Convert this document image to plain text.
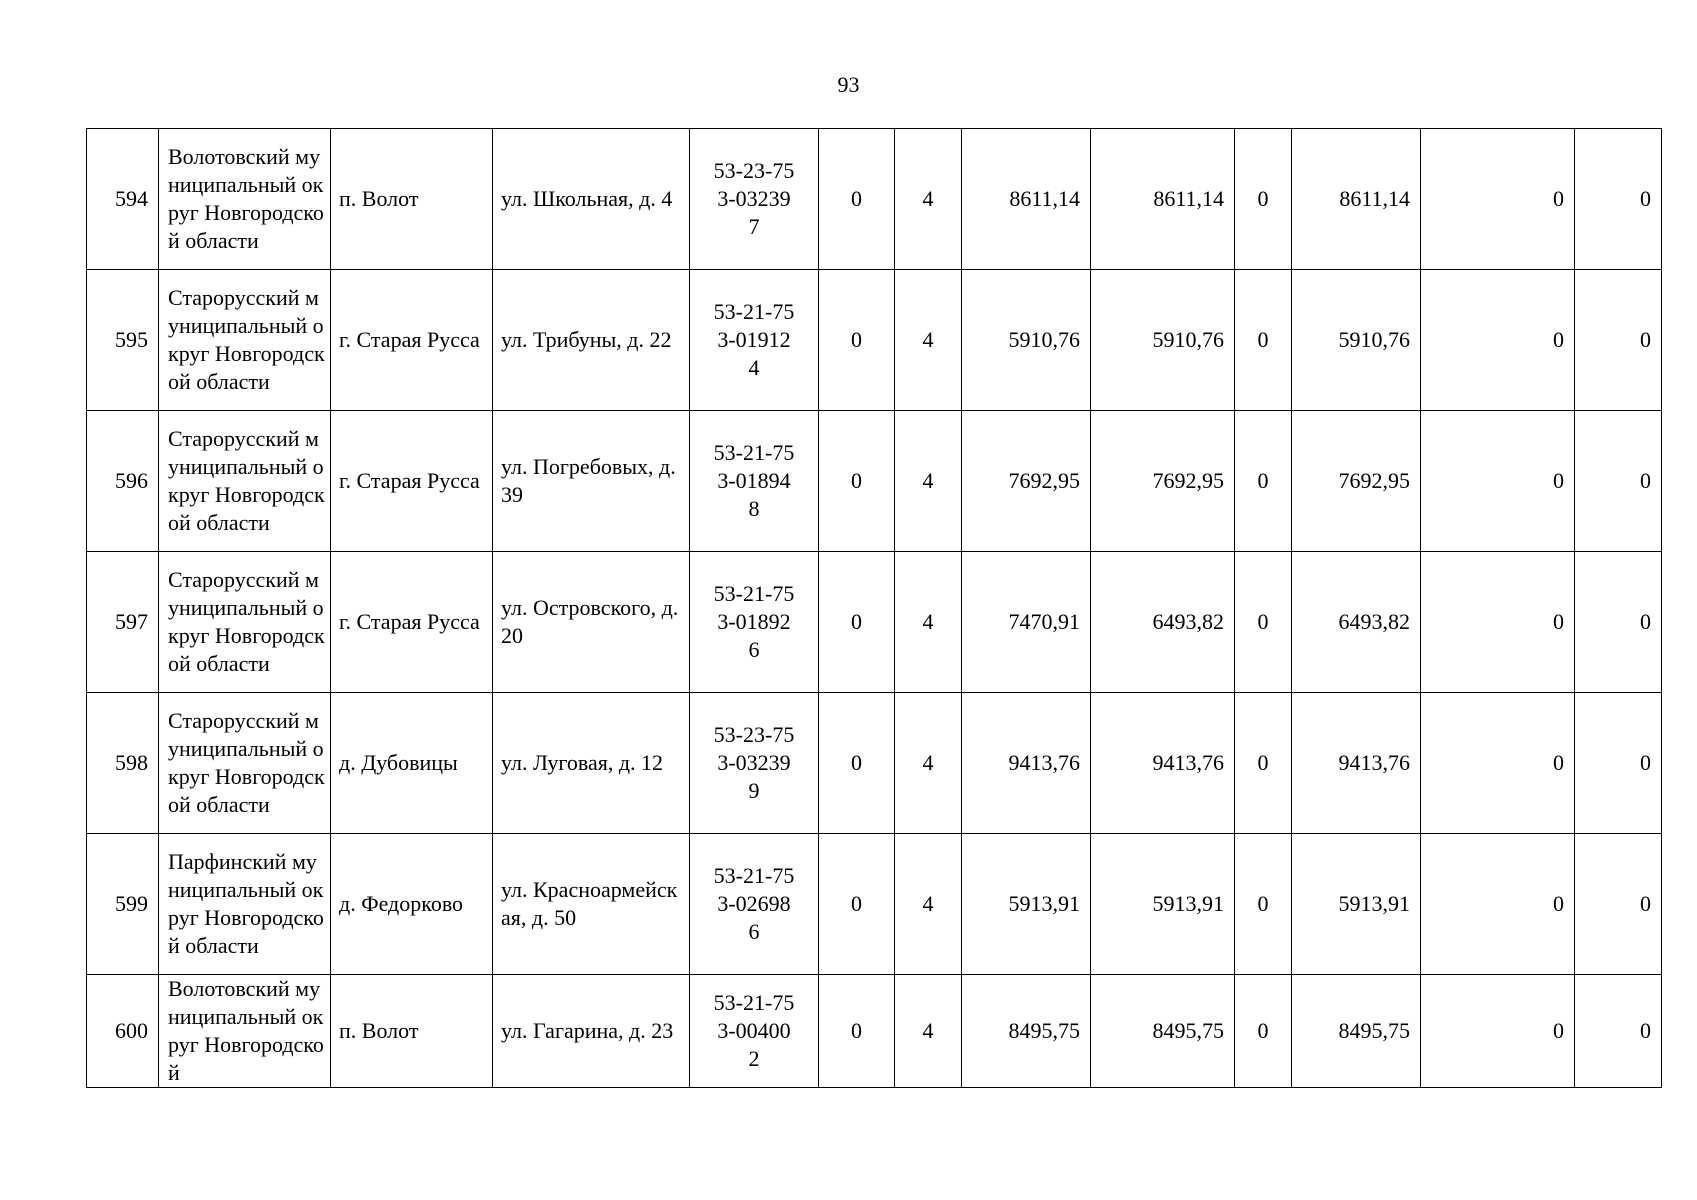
93
594	Волотовский муниципальный округ Новгородской области	п. Волот	ул. Школьная, д. 4	53-23-753-032397	0	4	8611,14	8611,14	0	8611,14	0	0
595	Старорусский муниципальный округ Новгородской области	г. Старая Русса	ул. Трибуны, д. 22	53-21-753-019124	0	4	5910,76	5910,76	0	5910,76	0	0
596	Старорусский муниципальный округ Новгородской области	г. Старая Русса	ул. Погребовых, д. 39	53-21-753-018948	0	4	7692,95	7692,95	0	7692,95	0	0
597	Старорусский муниципальный округ Новгородской области	г. Старая Русса	ул. Островского, д. 20	53-21-753-018926	0	4	7470,91	6493,82	0	6493,82	0	0
598	Старорусский муниципальный округ Новгородской области	д. Дубовицы	ул. Луговая, д. 12	53-23-753-032399	0	4	9413,76	9413,76	0	9413,76	0	0
599	Парфинский муниципальный округ Новгородской области	д. Федорково	ул. Красноармейская, д. 50	53-21-753-026986	0	4	5913,91	5913,91	0	5913,91	0	0
600	Волотовский муниципальный округ Новгородской	п. Волот	ул. Гагарина, д. 23	53-21-753-004002	0	4	8495,75	8495,75	0	8495,75	0	0
